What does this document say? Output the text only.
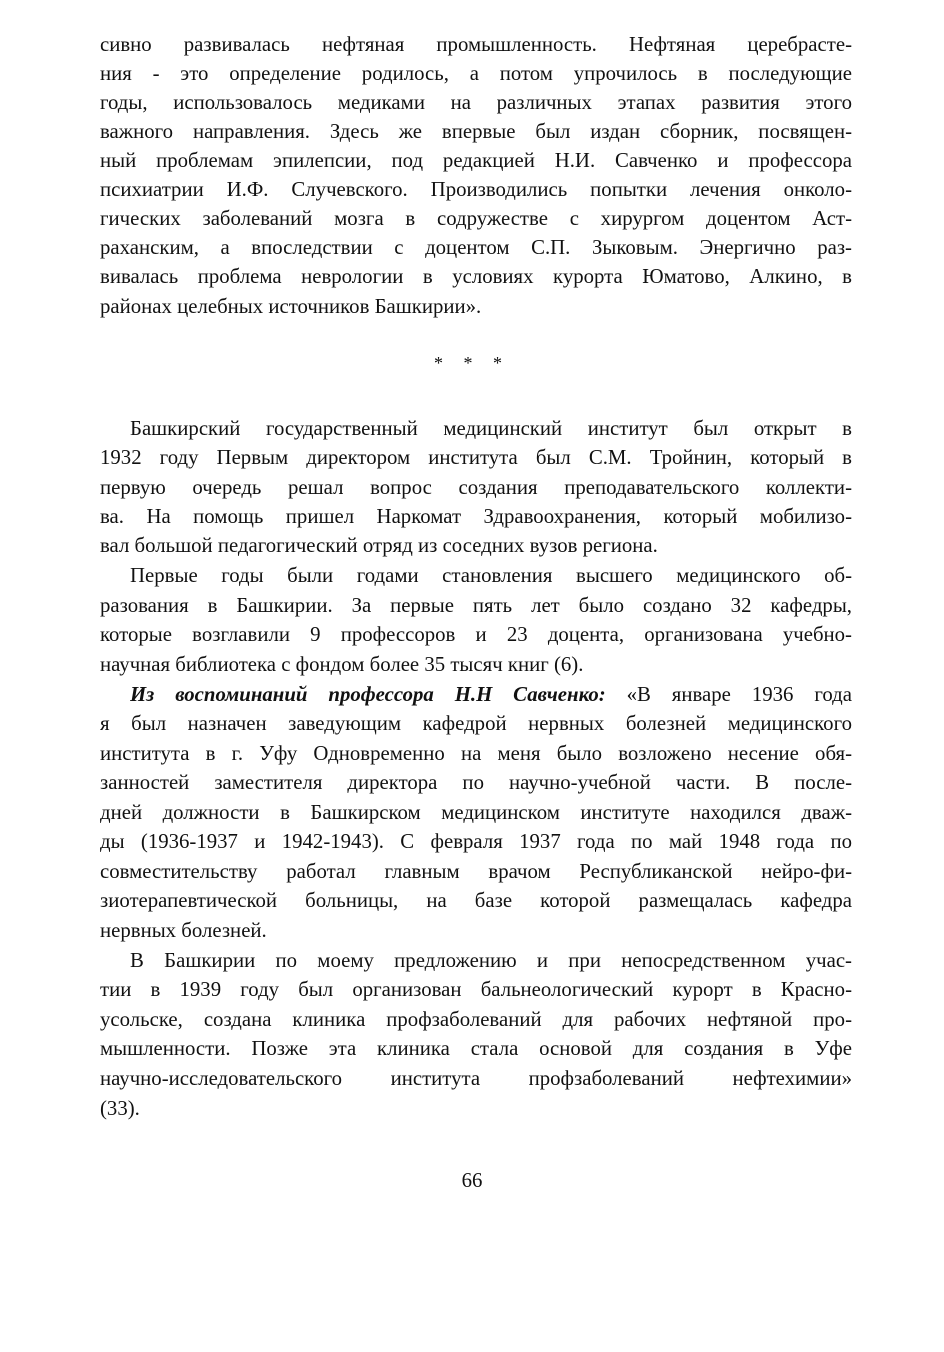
сивно развивалась нефтяная промышленность. Нефтяная церебрасте-
ния - это определение родилось, а потом упрочилось в последующие
годы, использовалось медиками на различных этапах развития этого
важного направления. Здесь же впервые был издан сборник, посвящен-
ный проблемам эпилепсии, под редакцией Н.И. Савченко и профессора
психиатрии И.Ф. Случевского. Производились попытки лечения онколо-
гических заболеваний мозга в содружестве с хирургом доцентом Аст-
раханским, а впоследствии с доцентом С.П. Зыковым. Энергично раз-
вивалась проблема неврологии в условиях курорта Юматово, Алкино, в
районах целебных источников Башкирии».
* * *
Башкирский государственный медицинский институт был открыт в
1932 году Первым директором института был С.М. Тройнин, который в
первую очередь решал вопрос создания преподавательского коллекти-
ва. На помощь пришел Наркомат Здравоохранения, который мобилизо-
вал большой педагогический отряд из соседних вузов региона.
Первые годы были годами становления высшего медицинского об-
разования в Башкирии. За первые пять лет было создано 32 кафедры,
которые возглавили 9 профессоров и 23 доцента, организована учебно-
научная библиотека с фондом более 35 тысяч книг (6).
Из воспоминаний профессора Н.Н Савченко: «В январе 1936 года
я был назначен заведующим кафедрой нервных болезней медицинского
института в г. Уфу Одновременно на меня было возложено несение обя-
занностей заместителя директора по научно-учебной части. В после-
дней должности в Башкирском медицинском институте находился дваж-
ды (1936-1937 и 1942-1943). С февраля 1937 года по май 1948 года по
совместительству работал главным врачом Республиканской нейро-фи-
зиотерапевтической больницы, на базе которой размещалась кафедра
нервных болезней.
В Башкирии по моему предложению и при непосредственном учас-
тии в 1939 году был организован бальнеологический курорт в Красно-
усольске, создана клиника профзаболеваний для рабочих нефтяной про-
мышленности. Позже эта клиника стала основой для создания в Уфе
научно-исследовательского института профзаболеваний нефтехимии»
(33).
66
